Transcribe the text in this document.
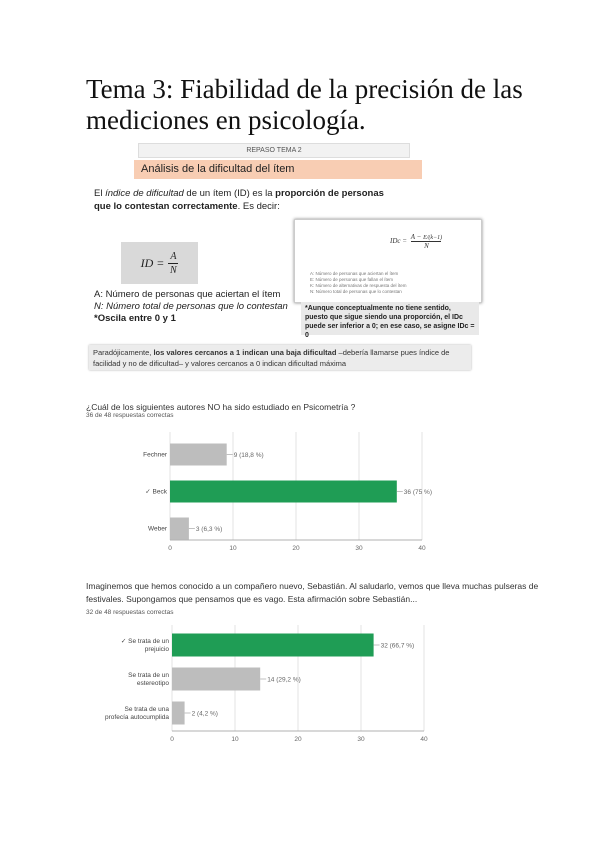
Tema 3: Fiabilidad de la precisión de las mediciones en psicología.
REPASO TEMA 2
Análisis de la dificultad del ítem
El índice de dificultad de un ítem (ID) es la proporción de personas que lo contestan correctamente. Es decir:
ID = $\frac{A}{N}$
A: Número de personas que aciertan el ítem
N: Número total de personas que lo contestan
*Oscila entre 0 y 1
IDc = $\frac{A - E/(k-1)}{N}$
A: Número de personas que aciertan el ítem
E: Número de personas que fallan el ítem
K: Número de alternativas de respuesta del ítem
N: Número total de personas que lo contestan
*Aunque conceptualmente no tiene sentido, puesto que sigue siendo una proporción, el IDc puede ser inferior a 0; en ese caso, se asigne IDc = 0
Paradójicamente, los valores cercanos a 1 indican una baja dificultad –debería llamarse pues índice de facilidad y no de dificultad– y valores cercanos a 0 indican dificultad máxima
¿Cuál de los siguientes autores NO ha sido estudiado en Psicometría ?
36 de 48 respuestas correctas
0	10	20	30	40
Fechner	9 (18,8 %)
✓ Beck	36 (75 %)
Weber	3 (6,3 %)
Imaginemos que hemos conocido a un compañero nuevo, Sebastián. Al saludarlo, vemos que lleva muchas pulseras de festivales. Supongamos que pensamos que es vago. Esta afirmación sobre Sebastián...
32 de 48 respuestas correctas
0	10	20	30	40
✓ Se trata de un
prejuicio	32 (66,7 %)
Se trata de un
estereotipo	14 (29,2 %)
Se trata de una
profecía autocumplida	2 (4,2 %)
